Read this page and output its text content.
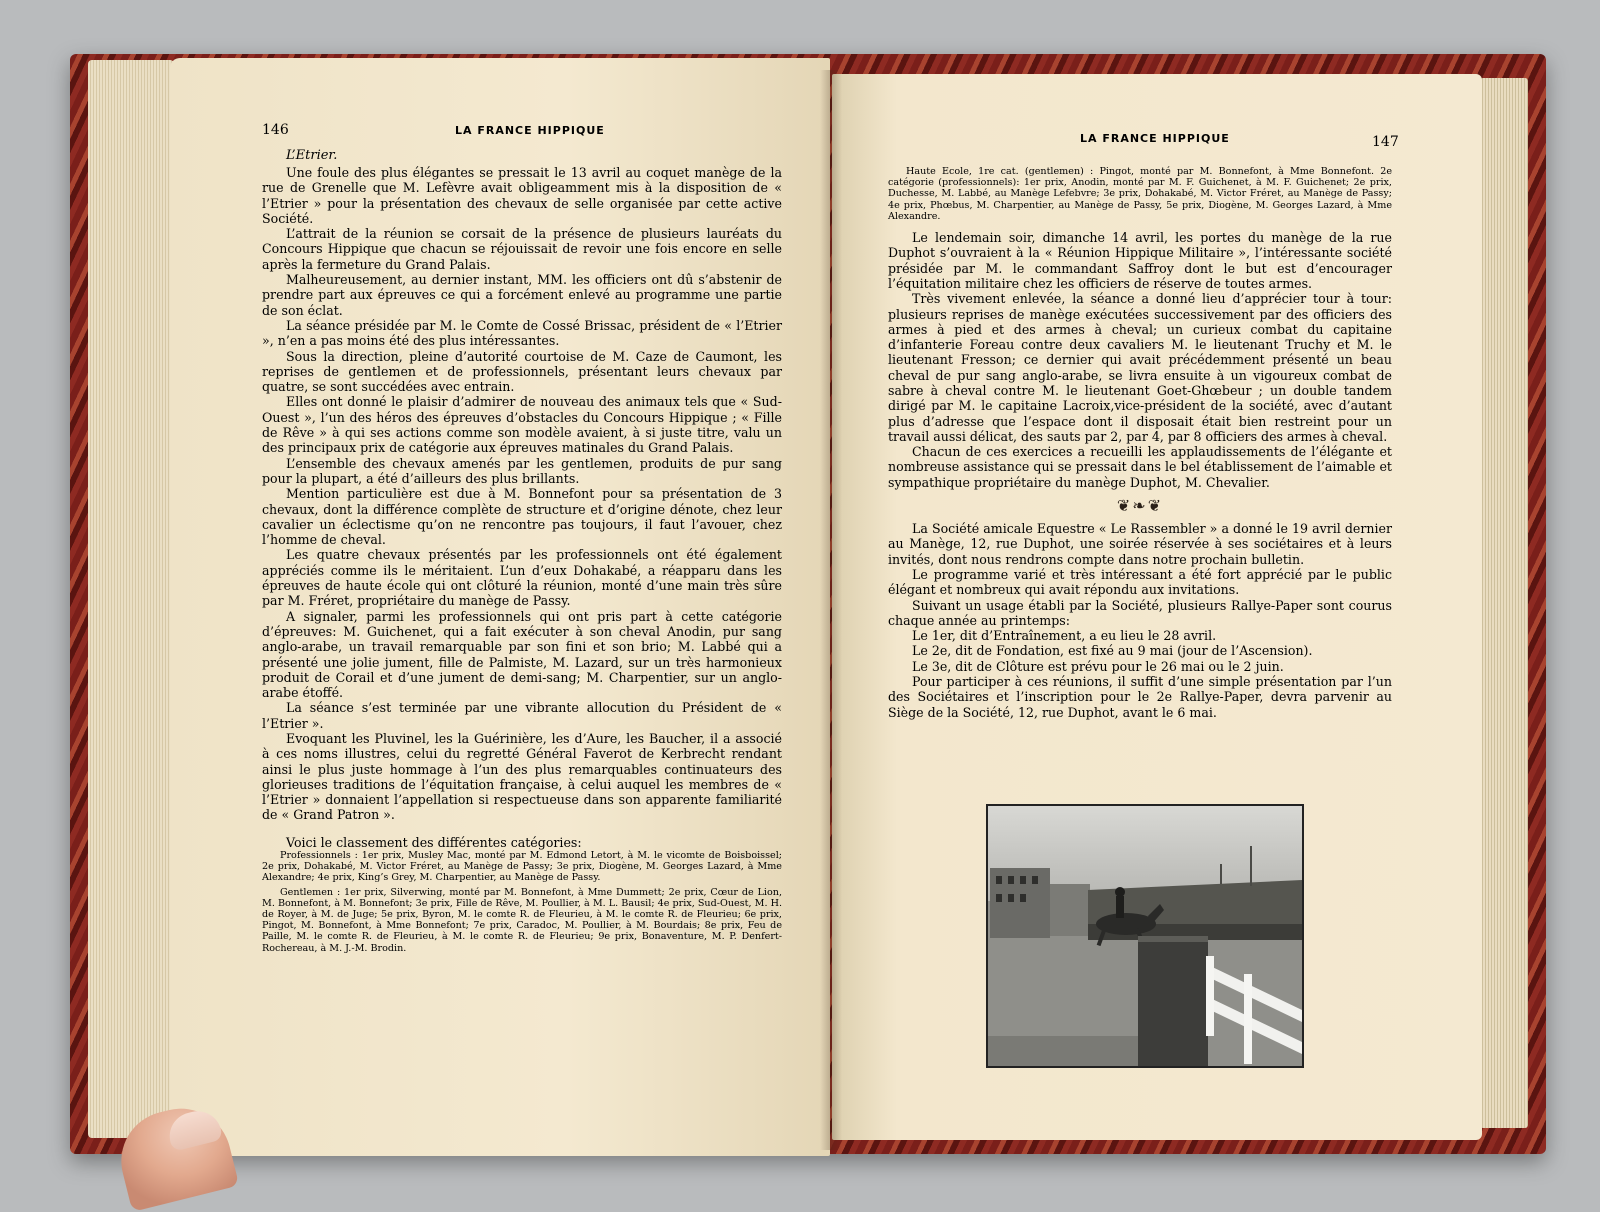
146	LA FRANCE HIPPIQUE

L’Etrier.

Une foule des plus élégantes se pressait le 13 avril au coquet manège de la rue de Grenelle que M. Lefèvre avait obligeamment mis à la disposition de « l’Etrier » pour la présentation des chevaux de selle organisée par cette active Société.

L’attrait de la réunion se corsait de la présence de plusieurs lauréats du Concours Hippique que chacun se réjouissait de revoir une fois encore en selle après la fermeture du Grand Palais.

Malheureusement, au dernier instant, MM. les officiers ont dû s’abstenir de prendre part aux épreuves ce qui a forcément enlevé au programme une partie de son éclat.

La séance présidée par M. le Comte de Cossé Brissac, président de « l’Etrier », n’en a pas moins été des plus intéressantes.

Sous la direction, pleine d’autorité courtoise de M. Caze de Caumont, les reprises de gentlemen et de professionnels, présentant leurs chevaux par quatre, se sont succédées avec entrain.

Elles ont donné le plaisir d’admirer de nouveau des animaux tels que « Sud-Ouest », l’un des héros des épreuves d’obstacles du Concours Hippique ; « Fille de Rêve » à qui ses actions comme son modèle avaient, à si juste titre, valu un des principaux prix de catégorie aux épreuves matinales du Grand Palais.

L’ensemble des chevaux amenés par les gentlemen, produits de pur sang pour la plupart, a été d’ailleurs des plus brillants.

Mention particulière est due à M. Bonnefont pour sa présentation de 3 chevaux, dont la différence complète de structure et d’origine dénote, chez leur cavalier un éclectisme qu’on ne rencontre pas toujours, il faut l’avouer, chez l’homme de cheval.

Les quatre chevaux présentés par les professionnels ont été également appréciés comme ils le méritaient. L’un d’eux Dohakabé, a réapparu dans les épreuves de haute école qui ont clôturé la réunion, monté d’une main très sûre par M. Fréret, propriétaire du manège de Passy.

A signaler, parmi les professionnels qui ont pris part à cette catégorie d’épreuves: M. Guichenet, qui a fait exécuter à son cheval Anodin, pur sang anglo-arabe, un travail remarquable par son fini et son brio; M. Labbé qui a présenté une jolie jument, fille de Palmiste, M. Lazard, sur un très harmonieux produit de Corail et d’une jument de demi-sang; M. Charpentier, sur un anglo-arabe étoffé.

La séance s’est terminée par une vibrante allocution du Président de « l’Etrier ».

Evoquant les Pluvinel, les la Guérinière, les d’Aure, les Baucher, il a associé à ces noms illustres, celui du regretté Général Faverot de Kerbrecht rendant ainsi le plus juste hommage à l’un des plus remarquables continuateurs des glorieuses traditions de l’équitation française, à celui auquel les membres de « l’Etrier » donnaient l’appellation si respectueuse dans son apparente familiarité de « Grand Patron ».

Voici le classement des différentes catégories:

Professionnels : 1er prix, Musley Mac, monté par M. Edmond Letort, à M. le vicomte de Boisboissel; 2e prix, Dohakabé, M. Victor Fréret, au Manège de Passy; 3e prix, Diogène, M. Georges Lazard, à Mme Alexandre; 4e prix, King’s Grey, M. Charpentier, au Manège de Passy.

Gentlemen : 1er prix, Silverwing, monté par M. Bonnefont, à Mme Dummett; 2e prix, Cœur de Lion, M. Bonnefont, à M. Bonnefont; 3e prix, Fille de Rêve, M. Poullier, à M. L. Bausil; 4e prix, Sud-Ouest, M. H. de Royer, à M. de Juge; 5e prix, Byron, M. le comte R. de Fleurieu, à M. le comte R. de Fleurieu; 6e prix, Pingot, M. Bonnefont, à Mme Bonnefont; 7e prix, Caradoc, M. Poullier, à M. Bourdais; 8e prix, Feu de Paille, M. le comte R. de Fleurieu, à M. le comte R. de Fleurieu; 9e prix, Bonaventure, M. P. Denfert-Rochereau, à M. J.-M. Brodin.

LA FRANCE HIPPIQUE	147

Haute Ecole, 1re cat. (gentlemen) : Pingot, monté par M. Bonnefont, à Mme Bonnefont. 2e catégorie (professionnels): 1er prix, Anodin, monté par M. F. Guichenet, à M. F. Guichenet; 2e prix, Duchesse, M. Labbé, au Manège Lefebvre; 3e prix, Dohakabé, M. Victor Fréret, au Manège de Passy; 4e prix, Phœbus, M. Charpentier, au Manège de Passy, 5e prix, Diogène, M. Georges Lazard, à Mme Alexandre.

Le lendemain soir, dimanche 14 avril, les portes du manège de la rue Duphot s’ouvraient à la « Réunion Hippique Militaire », l’intéressante société présidée par M. le commandant Saffroy dont le but est d’encourager l’équitation militaire chez les officiers de réserve de toutes armes.

Très vivement enlevée, la séance a donné lieu d’apprécier tour à tour: plusieurs reprises de manège exécutées successivement par des officiers des armes à pied et des armes à cheval; un curieux combat du capitaine d’infanterie Foreau contre deux cavaliers M. le lieutenant Truchy et M. le lieutenant Fresson; ce dernier qui avait précédemment présenté un beau cheval de pur sang anglo-arabe, se livra ensuite à un vigoureux combat de sabre à cheval contre M. le lieutenant Goet-Ghœbeur ; un double tandem dirigé par M. le capitaine Lacroix,vice-président de la société, avec d’autant plus d’adresse que l’espace dont il disposait était bien restreint pour un travail aussi délicat, des sauts par 2, par 4, par 8 officiers des armes à cheval.

Chacun de ces exercices a recueilli les applaudissements de l’élégante et nombreuse assistance qui se pressait dans le bel établissement de l’aimable et sympathique propriétaire du manège Duphot, M. Chevalier.

❦❧❦

La Société amicale Equestre « Le Rassembler » a donné le 19 avril dernier au Manège, 12, rue Duphot, une soirée réservée à ses sociétaires et à leurs invités, dont nous rendrons compte dans notre prochain bulletin.

Le programme varié et très intéressant a été fort apprécié par le public élégant et nombreux qui avait répondu aux invitations.

Suivant un usage établi par la Société, plusieurs Rallye-Paper sont courus chaque année au printemps:

Le 1er, dit d’Entraînement, a eu lieu le 28 avril.

Le 2e, dit de Fondation, est fixé au 9 mai (jour de l’Ascension).

Le 3e, dit de Clôture est prévu pour le 26 mai ou le 2 juin.

Pour participer à ces réunions, il suffit d’une simple présentation par l’un des Sociétaires et l’inscription pour le 2e Rallye-Paper, devra parvenir au Siège de la Société, 12, rue Duphot, avant le 6 mai.
